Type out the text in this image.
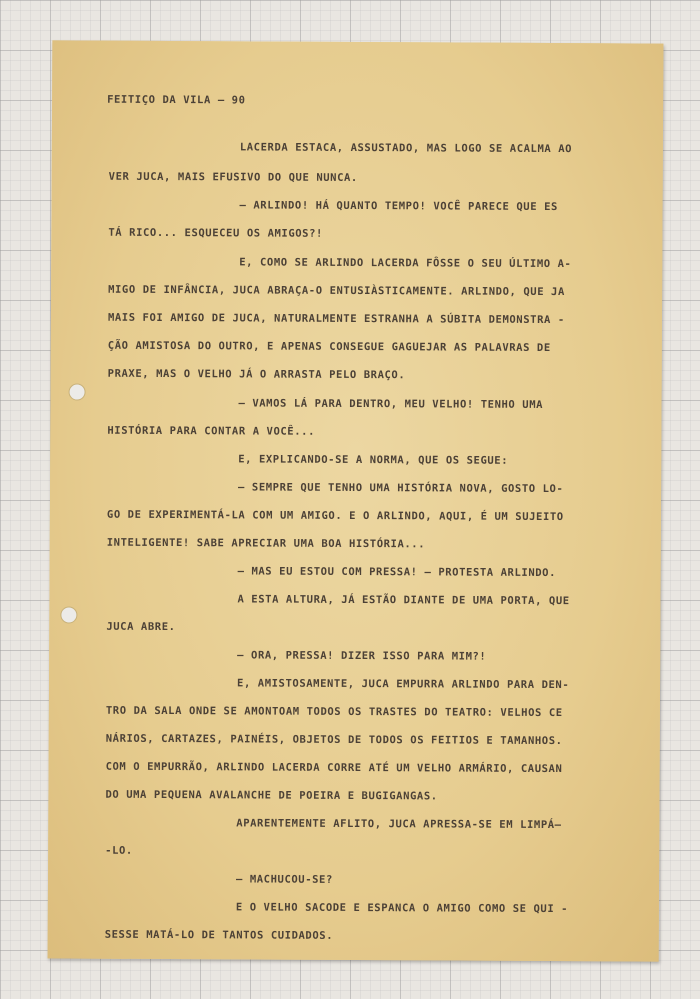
FEITIÇO DA VILA — 90
LACERDA ESTACA, ASSUSTADO, MAS LOGO SE ACALMA AO
VER JUCA, MAIS EFUSIVO DO QUE NUNCA.
— ARLINDO! HÁ QUANTO TEMPO! VOCÊ PARECE QUE ES
TÁ RICO... ESQUECEU OS AMIGOS?!
E, COMO SE ARLINDO LACERDA FÔSSE O SEU ÚLTIMO A-
MIGO DE INFÂNCIA, JUCA ABRAÇA-O ENTUSIÀSTICAMENTE. ARLINDO, QUE JA
MAIS FOI AMIGO DE JUCA, NATURALMENTE ESTRANHA A SÚBITA DEMONSTRA -
ÇÃO AMISTOSA DO OUTRO, E APENAS CONSEGUE GAGUEJAR AS PALAVRAS DE
PRAXE, MAS O VELHO JÁ O ARRASTA PELO BRAÇO.
— VAMOS LÁ PARA DENTRO, MEU VELHO! TENHO UMA
HISTÓRIA PARA CONTAR A VOCÊ...
E, EXPLICANDO-SE A NORMA, QUE OS SEGUE:
— SEMPRE QUE TENHO UMA HISTÓRIA NOVA, GOSTO LO-
GO DE EXPERIMENTÁ-LA COM UM AMIGO. E O ARLINDO, AQUI, É UM SUJEITO
INTELIGENTE! SABE APRECIAR UMA BOA HISTÓRIA...
— MAS EU ESTOU COM PRESSA! — PROTESTA ARLINDO.
A ESTA ALTURA, JÁ ESTÃO DIANTE DE UMA PORTA, QUE
JUCA ABRE.
— ORA, PRESSA! DIZER ISSO PARA MIM?!
E, AMISTOSAMENTE, JUCA EMPURRA ARLINDO PARA DEN-
TRO DA SALA ONDE SE AMONTOAM TODOS OS TRASTES DO TEATRO: VELHOS CE
NÁRIOS, CARTAZES, PAINÉIS, OBJETOS DE TODOS OS FEITIOS E TAMANHOS.
COM O EMPURRÃO, ARLINDO LACERDA CORRE ATÉ UM VELHO ARMÁRIO, CAUSAN
DO UMA PEQUENA AVALANCHE DE POEIRA E BUGIGANGAS.
APARENTEMENTE AFLITO, JUCA APRESSA-SE EM LIMPÁ—
-LO.
— MACHUCOU-SE?
E O VELHO SACODE E ESPANCA O AMIGO COMO SE QUI -
SESSE MATÁ-LO DE TANTOS CUIDADOS.
